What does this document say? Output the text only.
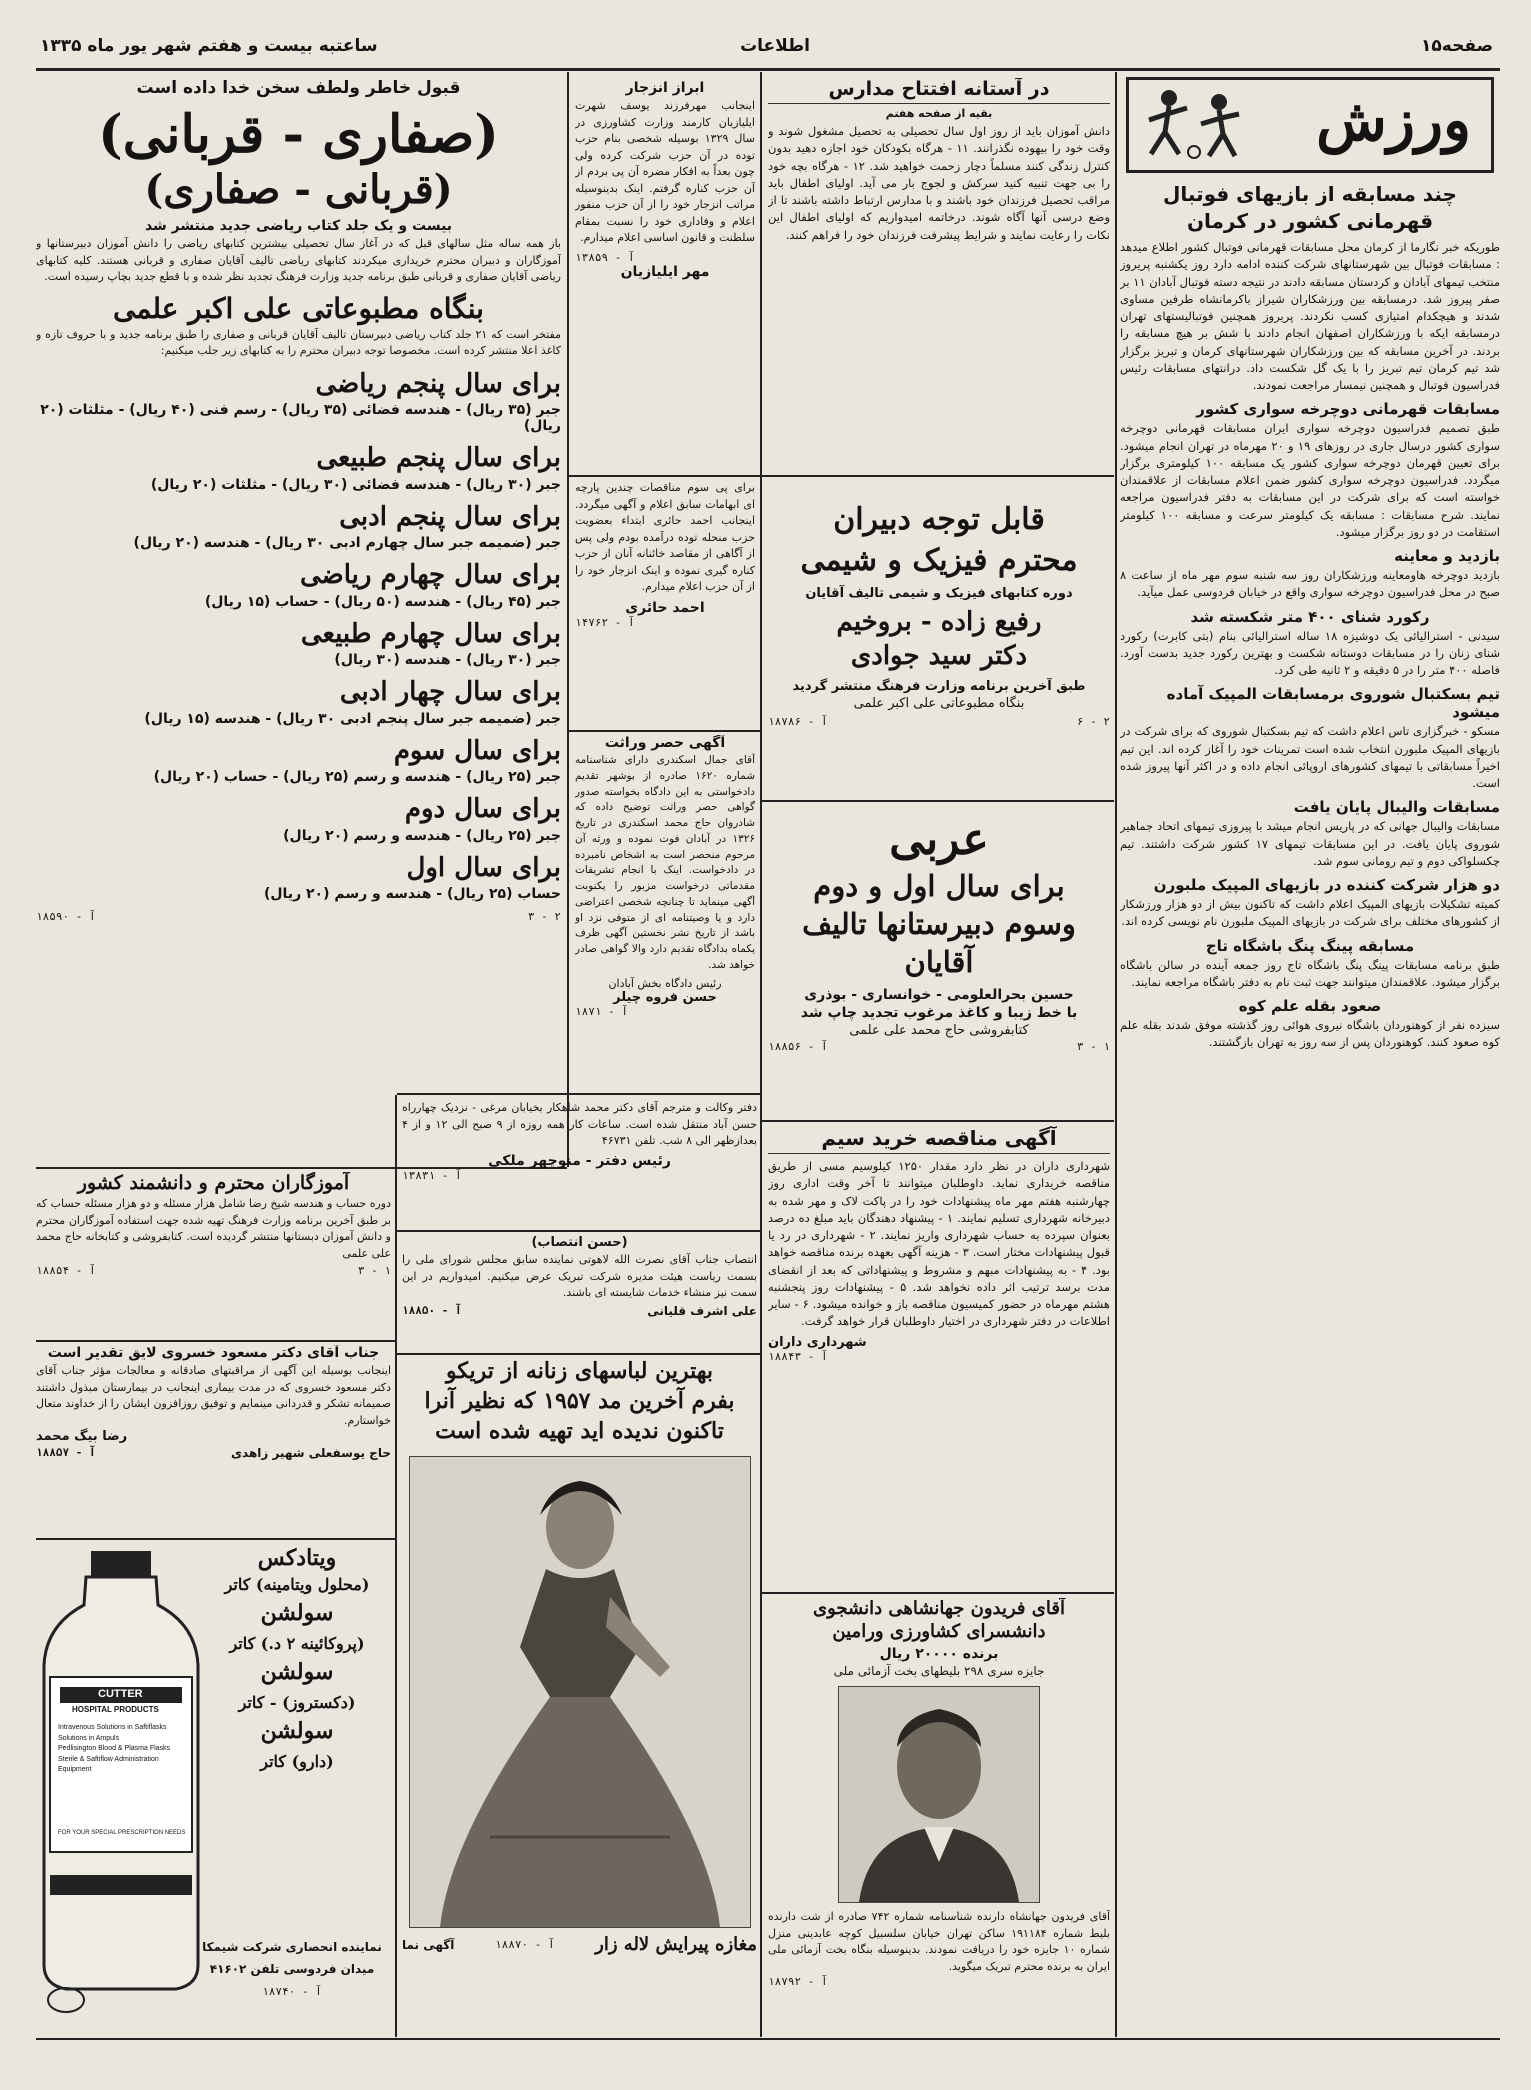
صفحه۱۵
اطلاعات
ساعتبه بیست و هفتم شهر یور ماه ۱۳۳۵
ورزش
چند مسابقه از بازیهای فوتبال قهرمانی کشور در کرمان
طوریکه خبر نگارما از کرمان محل مسابقات قهرمانی فوتبال کشور اطلاع میدهد : مسابقات فوتبال بین شهرستانهای شرکت کننده ادامه دارد روز یکشنبه پریروز منتخب تیمهای آبادان و کردستان مسابقه دادند در نتیجه دسته فوتبال آبادان ۱۱ بر صفر پیروز شد. درمسابقه بین ورزشکاران شیراز باکرمانشاه طرفین مساوی شدند و هیچکدام امتیازی کسب نکردند. پریروز همچنین فوتبالیستهای تهران درمسابقه ایکه با ورزشکاران اصفهان انجام دادند با شش بر هیچ مسابقه را بردند. در آخرین مسابقه که بین ورزشکاران شهرستانهای کرمان و تبریز برگزار شد تیم کرمان تیم تبریز را با یک گل شکست داد. درانتهای مسابقات رئیس فدراسیون فوتبال و همچنین نیمسار مراجعت نمودند.
مسابقات قهرمانی دوچرخه سواری کشور
طبق تصمیم فدراسیون دوچرخه سواری ایران مسابقات قهرمانی دوچرخه سواری کشور درسال جاری در روزهای ۱۹ و ۲۰ مهرماه در تهران انجام میشود. برای تعیین قهرمان دوچرخه سواری کشور یک مسابقه ۱۰۰ کیلومتری برگزار میگردد. فدراسیون دوچرخه سواری کشور ضمن اعلام مسابقات از علاقمندان خواسته است که برای شرکت در این مسابقات به دفتر فدراسیون مراجعه نمایند. شرح مسابقات : مسابقه یک کیلومتر سرعت و مسابقه ۱۰۰ کیلومتر استقامت در دو روز برگزار میشود.
بازدید و معاینه
بازدید دوچرخه هاومعاینه ورزشکاران روز سه شنبه سوم مهر ماه از ساعت ۸ صبح در محل فدراسیون دوچرخه سواری واقع در خیابان فردوسی عمل میآید.
رکورد شنای ۴۰۰ متر شکسته شد
سیدنی - استرالیائی یک دوشیزه ۱۸ ساله استرالیائی بنام (بتی کابرت) رکورد شنای زنان را در مسابقات دوستانه شکست و بهترین رکورد جدید بدست آورد. فاصله ۴۰۰ متر را در ۵ دقیقه و ۲ ثانیه طی کرد.
تیم بسکتبال شوروی برمسابقات المپیک آماده میشود
مسکو - خبرگزاری تاس اعلام داشت که تیم بسکتبال شوروی که برای شرکت در بازیهای المپیک ملبورن انتخاب شده است تمرینات خود را آغاز کرده اند. این تیم اخیراً مسابقاتی با تیمهای کشورهای اروپائی انجام داده و در اکثر آنها پیروز شده است.
مسابقات والیبال پایان یافت
مسابقات والیبال جهانی که در پاریس انجام میشد با پیروزی تیمهای اتحاد جماهیر شوروی پایان یافت. در این مسابقات تیمهای ۱۷ کشور شرکت داشتند. تیم چکسلواکی دوم و تیم رومانی سوم شد.
دو هزار شرکت کننده در بازیهای المپیک ملبورن
کمیته تشکیلات بازیهای المپیک اعلام داشت که تاکنون بیش از دو هزار ورزشکار از کشورهای مختلف برای شرکت در بازیهای المپیک ملبورن نام نویسی کرده اند.
مسابقه پینگ پنگ باشگاه تاج
طبق برنامه مسابقات پینگ پنگ باشگاه تاج روز جمعه آینده در سالن باشگاه برگزار میشود. علاقمندان میتوانند جهت ثبت نام به دفتر باشگاه مراجعه نمایند.
صعود بقله علم کوه
سیزده نفر از کوهنوردان باشگاه نیروی هوائی روز گذشته موفق شدند بقله علم کوه صعود کنند. کوهنوردان پس از سه روز به تهران بازگشتند.
در آستانه افتتاح مدارس
بقیه از صفحه هفتم
دانش آموزان باید از روز اول سال تحصیلی به تحصیل مشغول شوند و وقت خود را بیهوده نگذرانند. ۱۱ - هرگاه بکودکان خود اجازه دهید بدون کنترل زندگی کنند مسلماً دچار زحمت خواهید شد. ۱۲ - هرگاه بچه خود را بی جهت تنبیه کنید سرکش و لجوج بار می آید. اولیای اطفال باید مراقب تحصیل فرزندان خود باشند و با مدارس ارتباط داشته باشند تا از وضع درسی آنها آگاه شوند. درخاتمه امیدواریم که اولیای اطفال این نکات را رعایت نمایند و شرایط پیشرفت فرزندان خود را فراهم کنند.
قابل توجه دبیران
محترم فیزیک و شیمی
دوره کتابهای فیزیک و شیمی تالیف آقایان
رفیع زاده - بروخیم
دکتر سید جوادی
طبق آخرین برنامه وزارت فرهنگ منتشر گردید
بنگاه مطبوعاتی علی اکبر علمی
۲ - ۶
آ - ۱۸۷۸۶
عربی
برای سال اول و دوم
وسوم دبیرستانها تالیف
آقایان
حسین بحرالعلومی - خوانساری - بوذری
با خط زیبا و کاغذ مرغوب تجدید چاپ شد
کتابفروشی حاج محمد علی علمی
۱ - ۳
آ - ۱۸۸۵۶
آگهی مناقصه خرید سیم
شهرداری داران در نظر دارد مقدار ۱۲۵۰ کیلوسیم مسی از طریق مناقصه خریداری نماید. داوطلبان میتوانند تا آخر وقت اداری روز چهارشنبه هفتم مهر ماه پیشنهادات خود را در پاکت لاک و مهر شده به دبیرخانه شهرداری تسلیم نمایند. ۱ - پیشنهاد دهندگان باید مبلغ ده درصد بعنوان سپرده به حساب شهرداری واریز نمایند. ۲ - شهرداری در رد یا قبول پیشنهادات مختار است. ۳ - هزینه آگهی بعهده برنده مناقصه خواهد بود. ۴ - به پیشنهادات مبهم و مشروط و پیشنهاداتی که بعد از انقضای مدت برسد ترتیب اثر داده نخواهد شد. ۵ - پیشنهادات روز پنجشنبه هشتم مهرماه در حضور کمیسیون مناقصه باز و خوانده میشود. ۶ - سایر اطلاعات در دفتر شهرداری در اختیار داوطلبان قرار خواهد گرفت.
شهرداری داران
آ - ۱۸۸۴۳
آقای فریدون جهانشاهی دانشجوی
دانشسرای کشاورزی ورامین
برنده ۲۰۰۰۰ ریال
جایزه سری ۲۹۸ بلیطهای بخت آزمائی ملی
آقای فریدون جهانشاه دارنده شناسنامه شماره ۷۴۲ صادره از شت دارنده بلیط شماره ۱۹۱۱۸۴ ساکن تهران خیابان سلسبیل کوچه عابدینی منزل شماره ۱۰ جایزه خود را دریافت نمودند. بدینوسیله بنگاه بخت آزمائی ملی ایران به برنده محترم تبریک میگوید.
آ - ۱۸۷۹۲
ابراز انزجار
اینجانب مهرفرزند یوسف شهرت ایلیازیان کارمند وزارت کشاورزی در سال ۱۳۲۹ بوسیله شخصی بنام حزب توده در آن حزب شرکت کرده ولی چون بعداً به افکار مضره آن پی بردم از آن حزب کناره گرفتم. اینک بدینوسیله مراتب انزجار خود را از آن حزب منفور اعلام و وفاداری خود را نسبت بمقام سلطنت و قانون اساسی اعلام میدارم.
آ - ۱۳۸۵۹
مهر ایلیازیان
برای پی سوم مناقصات چندین پارچه ای ابهامات سابق اعلام و آگهی میگردد. اینجانب احمد حائری ابتداء بعضویت حزب منحله توده درآمده بودم ولی پس از آگاهی از مقاصد خائنانه آنان از حزب کناره گیری نموده و اینک انزجار خود را از آن حزب اعلام میدارم.
احمد حائری
آ - ۱۴۷۶۲
آگهی حصر وراثت
آقای جمال اسکندری دارای شناسنامه شماره ۱۶۲۰ صادره از بوشهر تقدیم دادخواستی به این دادگاه بخواسته صدور گواهی حصر وراثت توضیح داده که شادروان حاج محمد اسکندری در تاریخ ۱۳۲۶ در آبادان فوت نموده و ورثه آن مرحوم منحصر است به اشخاص نامبرده در دادخواست. اینک با انجام تشریفات مقدماتی درخواست مزبور را یکنوبت آگهی مینماید تا چنانچه شخصی اعتراضی دارد و یا وصیتنامه ای از متوفی نزد او باشد از تاریخ نشر نخستین آگهی ظرف یکماه بدادگاه تقدیم دارد والا گواهی صادر خواهد شد.
رئیس دادگاه بخش آبادان
حسن فروه چیلر
آ - ۱۸۷۱
قبول خاطر ولطف سخن خدا داده است
(صفاری - قربانی)
(قربانی - صفاری)
بیست و یک جلد کتاب ریاضی جدید منتشر شد
باز همه ساله مثل سالهای قبل که در آغاز سال تحصیلی بیشترین کتابهای ریاضی را دانش آموزان دبیرستانها و آموزگاران و دبیران محترم خریداری میکردند کتابهای ریاضی تالیف آقایان صفاری و قربانی هستند. کلیه کتابهای ریاضی آقایان صفاری و قربانی طبق برنامه جدید وزارت فرهنگ تجدید نظر شده و با قطع جدید بچاپ رسیده است.
بنگاه مطبوعاتی علی اکبر علمی
مفتخر است که ۲۱ جلد کتاب ریاضی دبیرستان تالیف آقایان قربانی و صفاری را طبق برنامه جدید و با حروف تازه و کاغذ اعلا منتشر کرده است. مخصوصا توجه دبیران محترم را به کتابهای زیر جلب میکنیم:
برای سال پنجم ریاضی
جبر (۳۵ ریال) - هندسه فضائی (۳۵ ریال) - رسم فنی (۴۰ ریال) - مثلثات (۲۰ ریال)
برای سال پنجم طبیعی
جبر (۳۰ ریال) - هندسه فضائی (۳۰ ریال) - مثلثات (۲۰ ریال)
برای سال پنجم ادبی
جبر (ضمیمه جبر سال چهارم ادبی ۳۰ ریال) - هندسه (۲۰ ریال)
برای سال چهارم ریاضی
جبر (۴۵ ریال) - هندسه (۵۰ ریال) - حساب (۱۵ ریال)
برای سال چهارم طبیعی
جبر (۳۰ ریال) - هندسه (۳۰ ریال)
برای سال چهار ادبی
جبر (ضمیمه جبر سال پنجم ادبی ۳۰ ریال) - هندسه (۱۵ ریال)
برای سال سوم
جبر (۲۵ ریال) - هندسه و رسم (۲۵ ریال) - حساب (۲۰ ریال)
برای سال دوم
جبر (۲۵ ریال) - هندسه و رسم (۲۰ ریال)
برای سال اول
حساب (۲۵ ریال) - هندسه و رسم (۲۰ ریال)
۲ - ۳
آ - ۱۸۵۹۰
آموزگاران محترم و دانشمند کشور
دوره حساب و هندسه شیخ رضا شامل هزار مسئله و دو هزار مسئله حساب که بر طبق آخرین برنامه وزارت فرهنگ تهیه شده جهت استفاده آموزگاران محترم و دانش آموزان دبستانها منتشر گردیده است. کتابفروشی و کتابخانه حاج محمد علی علمی
۱ - ۳
آ - ۱۸۸۵۴
جناب آقای دکتر مسعود خسروی لایق تقدیر است
اینجانب بوسیله این آگهی از مراقبتهای صادقانه و معالجات مؤثر جناب آقای دکتر مسعود خسروی که در مدت بیماری اینجانب در بیمارستان مبذول داشتند صمیمانه تشکر و قدردانی مینمایم و توفیق روزافزون ایشان را از خداوند متعال خواستارم.
رضا بیگ محمد
حاج یوسفعلی شهیر زاهدی
آ - ۱۸۸۵۷
CUTTER
HOSPITAL PRODUCTS
Intravenous Solutions in Saftiflasks
Solutions in Ampuls
Pedlisington Blood & Plasma Flasks
Sterile & Saftiflow Administration Equipment
FOR YOUR SPECIAL PRESCRIPTION NEEDS
ویتادکس
(محلول ویتامینه) کاتر
سولشن
(پروکائینه ۲ د.) کاتر
سولشن
(دکستروز) - کاتر
سولشن
(دارو) کاتر
نماینده انحصاری شرکت شیمکا
میدان فردوسی تلفن ۴۱۶۰۲
آ - ۱۸۷۴۰
دفتر وکالت و مترجم آقای دکتر محمد شاهکار بخیابان مرغی - نزدیک چهارراه حسن آباد منتقل شده است. ساعات کار همه روزه از ۹ صبح الی ۱۲ و از ۴ بعدازظهر الی ۸ شب. تلفن ۴۶۷۳۱
رئیس دفتر - منوچهر ملکی
آ - ۱۳۸۳۱
(حسن انتصاب)
انتصاب جناب آقای نصرت الله لاهوتی نماینده سابق مجلس شورای ملی را بسمت ریاست هیئت مدیره شرکت تبریک عرض میکنیم. امیدواریم در این سمت نیز منشاء خدمات شایسته ای باشند.
علی اشرف قلیانی
آ - ۱۸۸۵۰
بهترین لباسهای زنانه از تریکو
بفرم آخرین مد ۱۹۵۷ که نظیر آنرا
تاکنون ندیده اید تهیه شده است
مغازه پیرایش لاله زار
آ - ۱۸۸۷۰
آگهی نما
